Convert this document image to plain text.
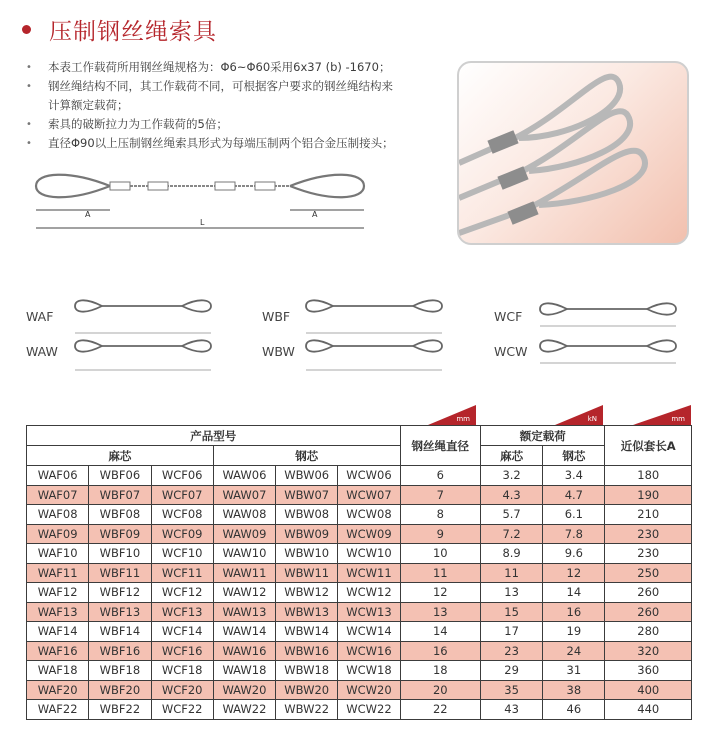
压制钢丝绳索具
•	本表工作载荷所用钢丝绳规格为：Φ6~Φ60采用6x37 (b) -1670；
•	钢丝绳结构不同，其工作载荷不同，可根据客户要求的钢丝绳结构来
计算额定载荷；
•	索具的破断拉力为工作载荷的5倍；
•	直径Φ90以上压制钢丝绳索具形式为每端压制两个铝合金压制接头；
A	A
L
WAF
WAW
WBF
WBW
WCF
WCW
mm	kN	mm
产品型号						钢丝绳直径	额定载荷		近似套长A
麻芯			钢芯				麻芯	钢芯	
WAF06	WBF06	WCF06	WAW06	WBW06	WCW06	6	3.2	3.4	180
WAF07	WBF07	WCF07	WAW07	WBW07	WCW07	7	4.3	4.7	190
WAF08	WBF08	WCF08	WAW08	WBW08	WCW08	8	5.7	6.1	210
WAF09	WBF09	WCF09	WAW09	WBW09	WCW09	9	7.2	7.8	230
WAF10	WBF10	WCF10	WAW10	WBW10	WCW10	10	8.9	9.6	230
WAF11	WBF11	WCF11	WAW11	WBW11	WCW11	11	11	12	250
WAF12	WBF12	WCF12	WAW12	WBW12	WCW12	12	13	14	260
WAF13	WBF13	WCF13	WAW13	WBW13	WCW13	13	15	16	260
WAF14	WBF14	WCF14	WAW14	WBW14	WCW14	14	17	19	280
WAF16	WBF16	WCF16	WAW16	WBW16	WCW16	16	23	24	320
WAF18	WBF18	WCF18	WAW18	WBW18	WCW18	18	29	31	360
WAF20	WBF20	WCF20	WAW20	WBW20	WCW20	20	35	38	400
WAF22	WBF22	WCF22	WAW22	WBW22	WCW22	22	43	46	440
